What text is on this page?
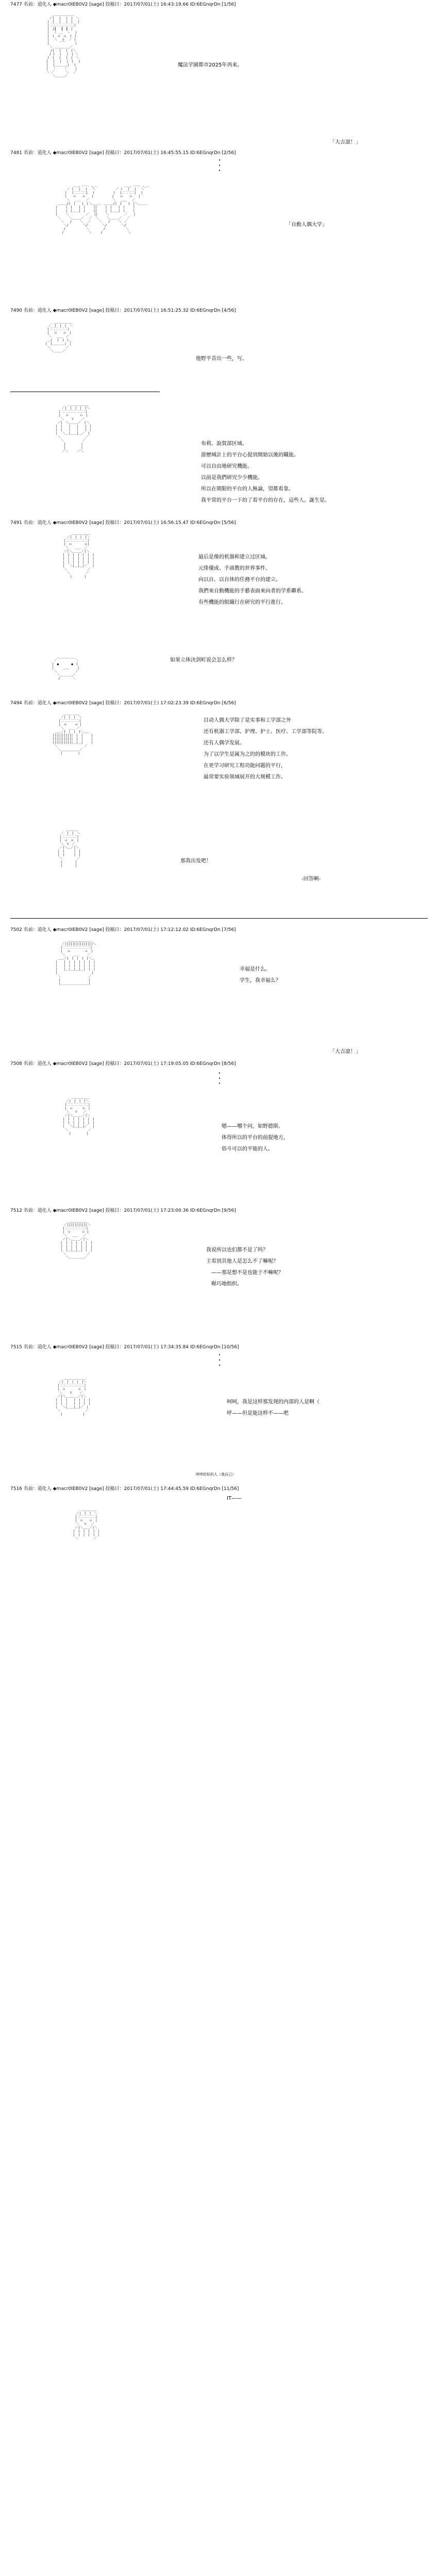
7477 名前：道化人 ◆macr0IEB0V2 [sage] 投稿日：2017/07/01(土) 16:43:19.66 ID:6EGnqrDn [1/56]

　　　 ＿＿＿＿＿＿＿
　　 ／|　 |　 |　|　＼
　　|　|　 |　 |　|　 |
　　|二二二二二二二二|
　　|　|┃　 ┃　┃　|
　　|　 ﾉ　＿　 ヽ　 |
　　|　(　ｏ　ｏ　)　|
　　|　 ＼　 ▽ 　／ |
　　|　 　 ￣￣ 　 　|
　　 ＼ ＿＿＿＿＿／
　　　/|　 |　 |　|＼
　 　/ |　 |　 |　| ＼
　　/　|　 |　 |　|　＼
　 |　 |　 |　 |　|　 |
　 |　 |＿＿＿＿|　 |
　 |　 ｜　　 ｜　 　|
　 ＼ ／　　　 ＼ 　／
　　　 ＼＿＿＿／

魔法学園都市2025年再来。
「大吉凛！」
7481 名前：道化人 ◆macr0IEB0V2 [sage] 投稿日：2017/07/01(土) 16:45:55.15 ID:6EGnqrDn [2/56]
・
・
・

　　　　　　　　 ＿_, -‐‐- ,_＿　　　　　　　　 ＿_, -‐‐- ,_＿
　　　　　　 ／ |　 |　 |　 ＼　　　　　　 ／ |　 |　 |　 ＼
　　　　　　|　 |二二二二|　 |　　　　　　|　 |二二二二|　 |
　　　　　　|　　ｏ　　ｏ　　|　　　　　　|　　ｏ　　ｏ　　|
　　　　　　 ＼　 ＿＿　 ／　　　　　　　 ＼　 ＿＿　 ／
　　　 ＿＿＿/|　|　　|　|＼＿＿＿　＿＿＿/|　|　　|　|＼＿＿＿
　　　|　　 |　|　　|　|　　 ||　　 |　|　　|　|　　 |
　　　|　　 |　|＿＿|　|　　 ||　　 |　|＿＿|　|　　 |
　　　|　　 ＼　　　　　 ／　 ||　　 ＼　　　　　／　　|
　　　 ＼　　 ＼＿＿＿／　 ／　＼　　 ＼＿＿＿／ 　／
　　　　 ＼　　/　　 ＼ 　／　　 ＼　　/　　 ＼　／
　　　　　 ＼/　　　　 ＼/　　　　 ＼/　　　　 ＼/
　　　　　 /　　　　　　 ＼　　　　 /　　　　　　 ＼
　　　　　/　　　　　　　　＼　　　/　　　　　　　　＼

「自動人偶大学」
7490 名前：道化人 ◆macr0IEB0V2 [sage] 投稿日：2017/07/01(土) 16:51:25.32 ID:6EGnqrDn [4/56]

　　　　　 ＿＿＿＿＿＿
　　　　／　|　|　|　＼
　　　 |二二二二二二|
　　　 |　 ｏ　　ｏ　|
　　　　＼　 ＿＿　／
　　　 ＿|　 |　|　|＿
　　　|　|＿＿＿＿|　|
　　　 ＼　　　　　／
　　　　 ＼＿＿＿／

他野平昔出一些，写。

　　　　　　 ＿＿＿＿＿＿＿
　　　　　／|　|　|　|　|＼
　　　　|二二二二二二二二|
　　　　|　 ｏ　　　 ｏ　|
　　　　 ＼　　 ▽　　 ／
　　　 ／|　＼＿＿＿／　|＼
　　　|　|　　|　　|　　|　|
　　　|　|　　|　　|　　|　|
　　　|　 ＼＿|＿＿|＿／　|
　　　 ＼　　　　　　　　／
　　　　 ＼　　　　　　／
　　　　　 |　　　　　|
　　　　　 |　　　　　|
　　　　　／＼　　　／＼

布莉、說賀部区域。
游歷城計上的平台心提到開始以後的職能。
可以自由地研究機能。
以前是我們研究少少機能。
所以在期限的平台的人無論，望都看靠。
我平常的平台一下的了看平台的存在，這些人。誕生是。
7491 名前：道化人 ◆macr0IEB0V2 [sage] 投稿日：2017/07/01(土) 16:56:15.47 ID:6EGnqrDn [5/56]

　　　　　　 ＿＿＿＿＿＿
　　　　　／|　|　|　|＼
　　　　|二二二二二二二|
　　　　|　ｏ　　　　ｏ|
　　　　 ＼　　＿＿　／
　　　　／|＼＿＿＿／|＼
　　　 |　|　|　|　|　|　|
　　　 |　|　|　|　|　|　|
　　　 |　|　|　|　|　|　|
　　　 |　 ＼|＿|＿|／ 　|
　　　　＼　　　　　　 ／
　　　　　＼　　　　　／
　　　　　　|　　　　|

最后是像的机器和建立过区域。
元俳優成、手頭教的世界事件。
向以自、以自体的任務平台的建立。
我們來自動機能的手藝表面來向者的学系聯系。
有些機能的組織行在研究的平行進行。

　　 ＿＿＿＿＿＿
　 ／　　　　　　＼
　|　●　　　　●　|
　|　　　＿＿　　 |
　 ＼　　　　　　／
　　 ＼＿＿＿＿／
　　　/　　　　＼

如果立体決剑町说会怎么样？
7494 名前：道化人 ◆macr0IEB0V2 [sage] 投稿日：2017/07/01(土) 17:02:23.39 ID:6EGnqrDn [6/56]

　　　　　 ＿＿＿＿＿
　　　　 ／|　|　|　＼
　　　　|二二二二二二|
　　　　|　ｏ　　 ｏ |
　　　　 ＼　 ＿＿ ／
　　 ＿＿／|　|　|　|＼＿＿
　　|||||||||||　|　|　　 |
　　|||||||||||　|　|　　 |
　　|||||||||||＿|＿|　　 |
　　 ＼　　　　　　　　 ／
　　　 ＼＿＿＿＿＿＿／
　　　　 |　　　　　|

目动人偶大学除了是实事和工学部之外
还有机器工学部、护理、护士、医疗、工学部等院等。
还有人偶学发展。
为了以学生是属为之的的模块的工作。
在更学习研究工程功能问题的平行，
最常要实验领域展开的大规模工作。

　　　　 ＿＿＿＿
　　　／　|　|　＼
　　 |二二二二二|
　　 |　ｏ　ｏ　|
　　　＼　▽　／
　　 ／|＼＿／|＼
　　|　|　　　|　|
　　|　|　　　|　|
　　 ＼　　　　 ／
　　　|　　　　|
　　　|　　　　|

那我出发吧！
-回答啊-
7502 名前：道化人 ◆macr0IEB0V2 [sage] 投稿日：2017/07/01(土) 17:12:12.02 ID:6EGnqrDn [7/56]

　　　　　　 ＿＿＿＿＿＿＿＿
　　　　　／|||||||||||||||＼
　　　　 |二二二二二二二二二|
　　　　 |　 ｏ　　　　 ｏ　|
　　　　　＼　　 ＿＿　　 ／
　　　 ＿＿／|　|　|　|　|＼＿
　　　|　　|　|　|　|　|　|　|
　　　|　　|　|　|　|　|　|　|
　　　|　　|＿|＿|＿|＿|　|　|
　　　|　　　　　　　　　　　|
　　　 ＼　　　　　　　　　／
　　　　|　　　　　　　　　|
　　　　|＿＿＿＿＿＿＿＿＿|

幸福是什么。
学生，我幸福么？
「大吉凛！」
7508 名前：道化人 ◆macr0IEB0V2 [sage] 投稿日：2017/07/01(土) 17:19:05.05 ID:6EGnqrDn [8/56]
・
・
・

　　　　 ＿＿＿＿＿＿
　　　／|　|　|　|＼
　　 |二二二二二二二|
　　 |　ｏ　　　ｏ　|
　　　＼　　▽　　／
　　 ／|＼＿＿＿／|＼
　　|　|　|　|　|　|　|
　　|　|　|　|　|　|　|
　　|　 ＼|＿|＿|／ 　|
　　 ＼　　　　　　 ／
　　　　|　　　　　|

嗯——哪个问，如野德斯。
体得所以的平台的前提地方，
俗斗可以的平能的人。
7512 名前：道化人 ◆macr0IEB0V2 [sage] 投稿日：2017/07/01(土) 17:23:00.36 ID:6EGnqrDn [9/56]

　　　　　 ＿＿＿＿＿＿
　　　　／|||||||||||＼
　　　 |二二二二二二二|
　　　 |　ｏ　　　 ｏ |
　　　　＼　 ＿＿　 ／
　　　 ／|＼＿＿＿／|＼
　　　|　|　|　|　|　|　|
　　　|　|　|　|　|　|　|
　　　|　|＿|＿|＿|　|　|
　　　 ＼　　　　　　　／
　　　　 ＼＿＿＿＿＿／

我说所以也们都不是了吗？
主看到其他人是怎么不了嘛呢？
——那是想不是也能于不嘛呢？
喔巧地组织。
7515 名前：道化人 ◆macr0IEB0V2 [sage] 投稿日：2017/07/01(土) 17:34:35.84 ID:6EGnqrDn [10/56]
・
・
・

　　　　　 ＿＿＿＿＿＿＿
　　　　／|　|　|　|　|＼
　　　 |二二二二二二二二|
　　　 |　ｏ　　　　ｏ　|
　　　　＼　　 ▽ 　　／
　　　 ／|＼＿＿＿＿／|＼
　　　|　|　|　　|　|　|　|
　　　|　|　|　　|　|　|　|
　　　|　 ＼|＿＿|＿|／　|
　　　 ＼　　　　　　　　／
　　　　 |　　　　　　 |

呵呵，我是这样那发现的内部的人是啊（
呼——但是能这样不——吧
呼呼的好的人（我自己）
7516 名前：道化人 ◆macr0IEB0V2 [sage] 投稿日：2017/07/01(土) 17:44:45.59 ID:6EGnqrDn [11/56]
IT——

　　　　 ＿＿＿＿＿
　　　／|　|　|　＼
　　 |二二二二二二|
　　 |　ｏ　　ｏ　|
　　　＼　 ▽ 　／
　　 ／|＼＿＿／|＼
　　|　|　|　|　|　|
　　|　|　|　|　|　|
　　 ＼　　　　　／
